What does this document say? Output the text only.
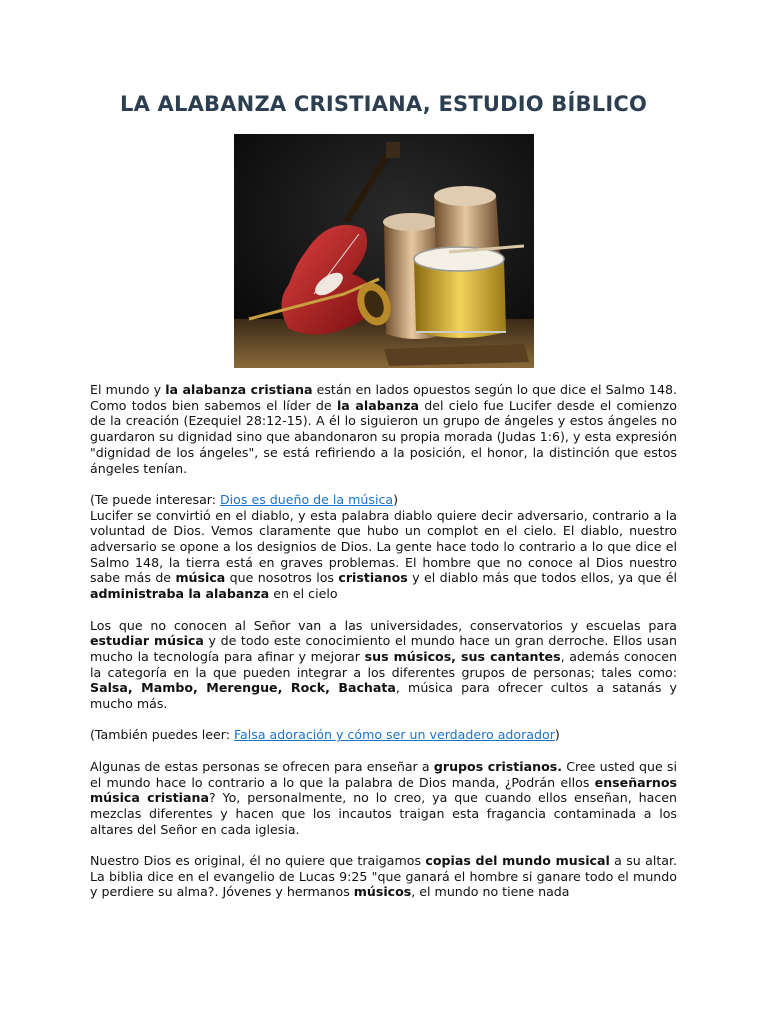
LA ALABANZA CRISTIANA, ESTUDIO BÍBLICO

El mundo y la alabanza cristiana están en lados opuestos según lo que dice el Salmo 148. Como todos bien sabemos el líder de la alabanza del cielo fue Lucifer desde el comienzo de la creación (Ezequiel 28:12-15). A él lo siguieron un grupo de ángeles y estos ángeles no guardaron su dignidad sino que abandonaron su propia morada (Judas 1:6), y esta expresión "dignidad de los ángeles", se está refiriendo a la posición, el honor, la distinción que estos ángeles tenían.

(Te puede interesar: Dios es dueño de la música)

Lucifer se convirtió en el diablo, y esta palabra diablo quiere decir adversario, contrario a la voluntad de Dios. Vemos claramente que hubo un complot en el cielo. El diablo, nuestro adversario se opone a los designios de Dios. La gente hace todo lo contrario a lo que dice el Salmo 148, la tierra está en graves problemas. El hombre que no conoce al Dios nuestro sabe más de música que nosotros los cristianos y el diablo más que todos ellos, ya que él administraba la alabanza en el cielo

Los que no conocen al Señor van a las universidades, conservatorios y escuelas para estudiar música y de todo este conocimiento el mundo hace un gran derroche. Ellos usan mucho la tecnología para afinar y mejorar sus músicos, sus cantantes, además conocen la categoría en la que pueden integrar a los diferentes grupos de personas; tales como: Salsa, Mambo, Merengue, Rock, Bachata, música para ofrecer cultos a satanás y mucho más.

(También puedes leer: Falsa adoración y cómo ser un verdadero adorador)

Algunas de estas personas se ofrecen para enseñar a grupos cristianos. Cree usted que si el mundo hace lo contrario a lo que la palabra de Dios manda, ¿Podrán ellos enseñarnos música cristiana? Yo, personalmente, no lo creo, ya que cuando ellos enseñan, hacen mezclas diferentes y hacen que los incautos traigan esta fragancia contaminada a los altares del Señor en cada iglesia.

Nuestro Dios es original, él no quiere que traigamos copias del mundo musical a su altar. La biblia dice en el evangelio de Lucas 9:25 "que ganará el hombre si ganare todo el mundo y perdiere su alma?. Jóvenes y hermanos músicos, el mundo no tiene nada
